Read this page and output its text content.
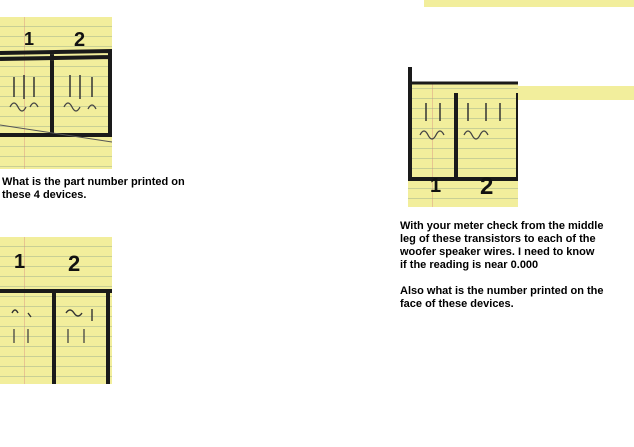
1 2
What is the part number printed on
these 4 devices.
1 2
1 2
With your meter check from the middle
leg of these transistors to each of the
woofer speaker wires. I need to know
if the reading is near 0.000

Also what is the number printed on the
face of these devices.
